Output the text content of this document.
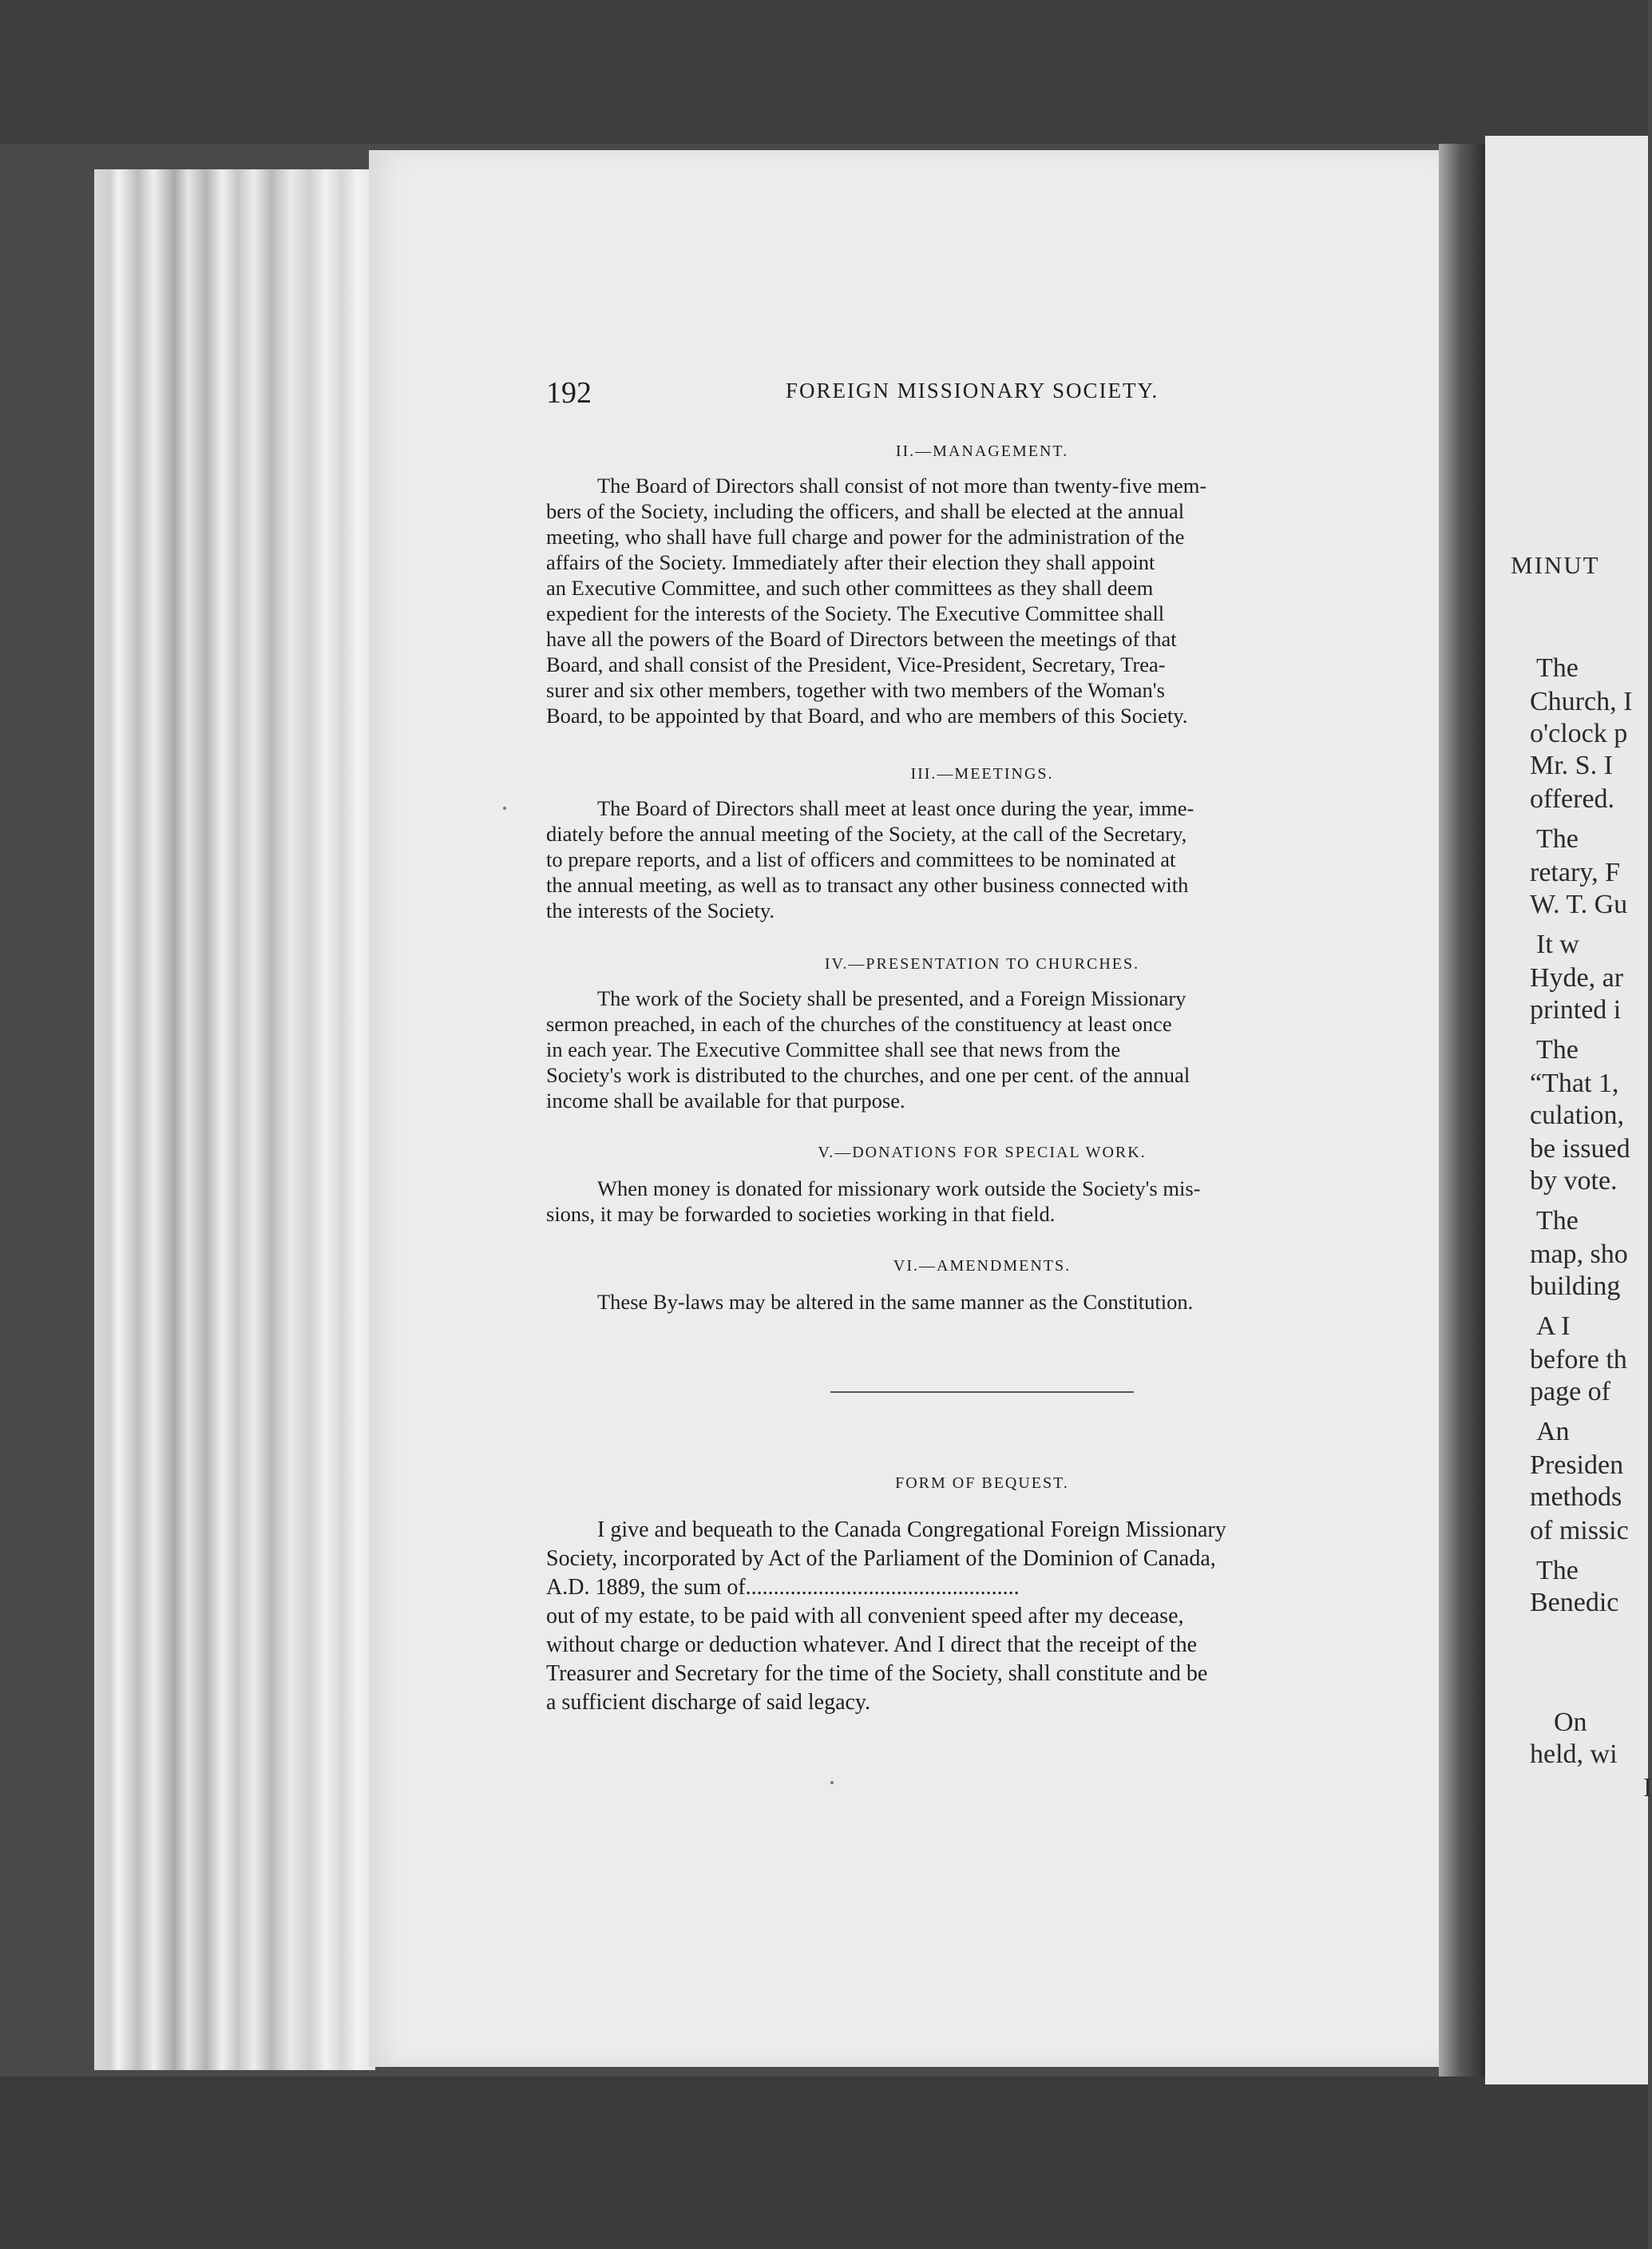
192	FOREIGN MISSIONARY SOCIETY.
II.—MANAGEMENT.
The Board of Directors shall consist of not more than twenty-five mem-
bers of the Society, including the officers, and shall be elected at the annual
meeting, who shall have full charge and power for the administration of the
affairs of the Society. Immediately after their election they shall appoint
an Executive Committee, and such other committees as they shall deem
expedient for the interests of the Society. The Executive Committee shall
have all the powers of the Board of Directors between the meetings of that
Board, and shall consist of the President, Vice-President, Secretary, Trea-
surer and six other members, together with two members of the Woman's
Board, to be appointed by that Board, and who are members of this Society.
III.—MEETINGS.
The Board of Directors shall meet at least once during the year, imme-
diately before the annual meeting of the Society, at the call of the Secretary,
to prepare reports, and a list of officers and committees to be nominated at
the annual meeting, as well as to transact any other business connected with
the interests of the Society.
IV.—PRESENTATION TO CHURCHES.
The work of the Society shall be presented, and a Foreign Missionary
sermon preached, in each of the churches of the constituency at least once
in each year. The Executive Committee shall see that news from the
Society's work is distributed to the churches, and one per cent. of the annual
income shall be available for that purpose.
V.—DONATIONS FOR SPECIAL WORK.
When money is donated for missionary work outside the Society's mis-
sions, it may be forwarded to societies working in that field.
VI.—AMENDMENTS.
These By-laws may be altered in the same manner as the Constitution.
FORM OF BEQUEST.
I give and bequeath to the Canada Congregational Foreign Missionary
Society, incorporated by Act of the Parliament of the Dominion of Canada,
A.D. 1889, the sum of.................................................
out of my estate, to be paid with all convenient speed after my decease,
without charge or deduction whatever. And I direct that the receipt of the
Treasurer and Secretary for the time of the Society, shall constitute and be
a sufficient discharge of said legacy.
MINUT
The
Church, I
o'clock p
Mr. S. I
offered.
The
retary, F
W. T. Gu
It w
Hyde, ar
printed i
The
“That 1,
culation,
be issued
by vote.
The
map, sho
building
A I
before th
page of
An
Presiden
methods
of missic
The
Benedic
On
held, wi
I
